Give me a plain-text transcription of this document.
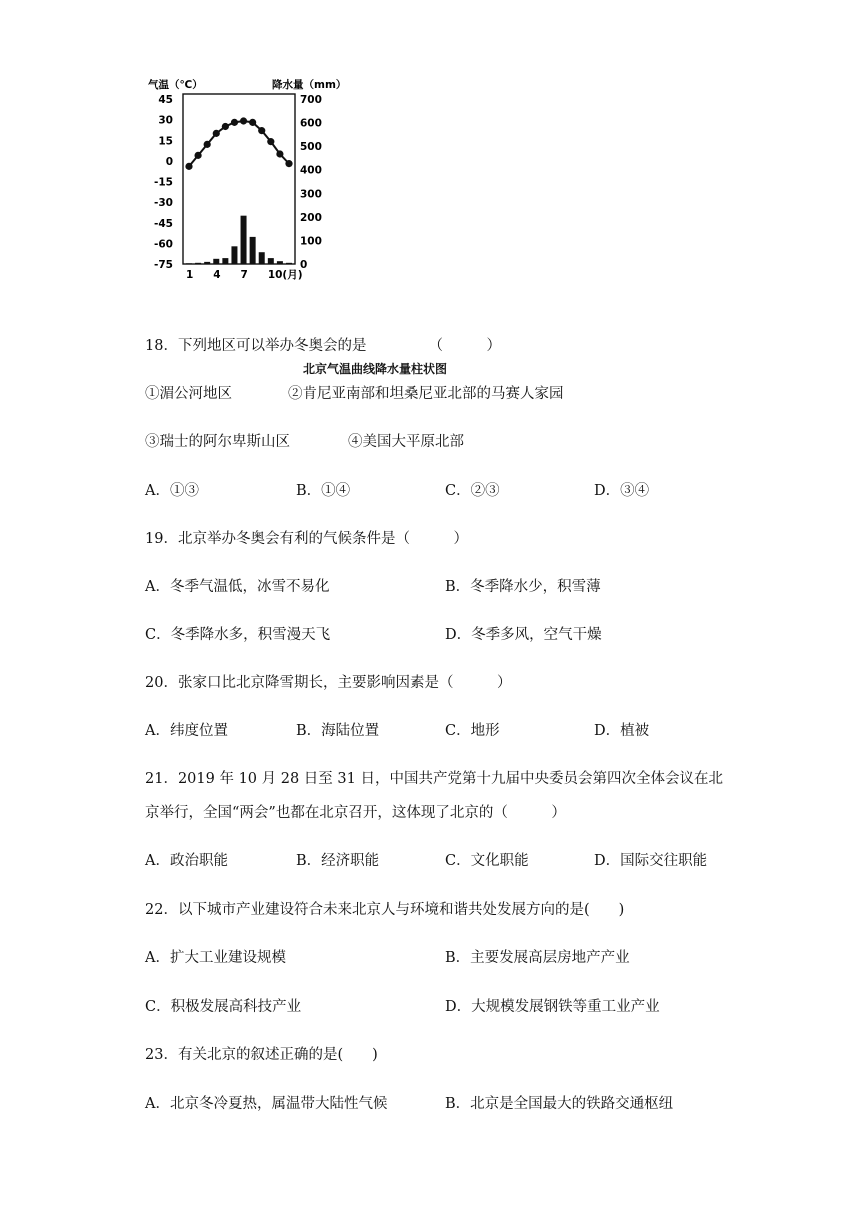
气温（℃）	降水量（mm）
45
30
15
0
-15
-30
-45
-60
-75
700
600
500
400
300
200
100
0
1 4 7 10(月)
北京气温曲线降水量柱状图
18．下列地区可以举办冬奥会的是	（　　　）
①湄公河地区	②肯尼亚南部和坦桑尼亚北部的马赛人家园
③瑞士的阿尔卑斯山区	④美国大平原北部
A．①③	B．①④	C．②③	D．③④
19．北京举办冬奥会有利的气候条件是（　　　）
A．冬季气温低，冰雪不易化	B．冬季降水少，积雪薄
C．冬季降水多，积雪漫天飞	D．冬季多风，空气干燥
20．张家口比北京降雪期长，主要影响因素是（　　　）
A．纬度位置	B．海陆位置	C．地形	D．植被
21．2019 年 10 月 28 日至 31 日，中国共产党第十九届中央委员会第四次全体会议在北
京举行，全国“两会”也都在北京召开，这体现了北京的（　　　）
A．政治职能	B．经济职能	C．文化职能	D．国际交往职能
22．以下城市产业建设符合未来北京人与环境和谐共处发展方向的是(　　)
A．扩大工业建设规模	B．主要发展高层房地产产业
C．积极发展高科技产业	D．大规模发展钢铁等重工业产业
23．有关北京的叙述正确的是(　　)
A．北京冬冷夏热，属温带大陆性气候	B．北京是全国最大的铁路交通枢纽
